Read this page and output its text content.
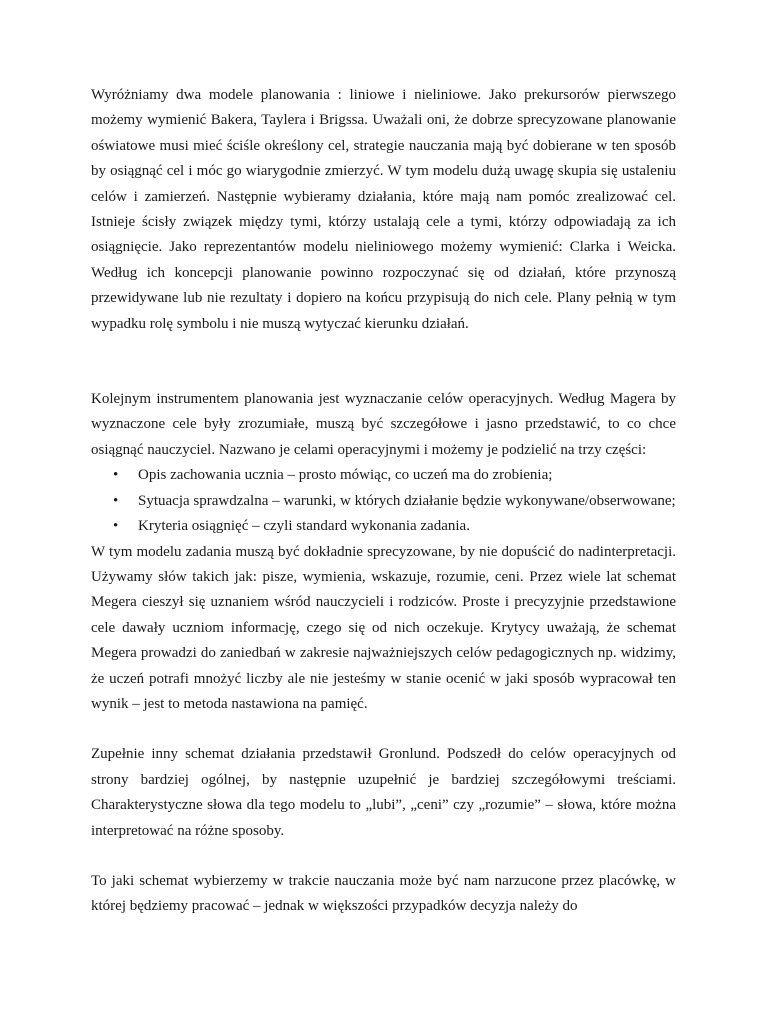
Wyróżniamy dwa modele planowania : liniowe i nieliniowe. Jako prekursorów pierwszego możemy wymienić Bakera, Taylera i Brigssa. Uważali oni, że dobrze sprecyzowane planowanie oświatowe musi mieć ściśle określony cel, strategie nauczania mają być dobierane w ten sposób by osiągnąć cel i móc go wiarygodnie zmierzyć. W tym modelu dużą uwagę skupia się ustaleniu celów i zamierzeń. Następnie wybieramy działania, które mają nam pomóc zrealizować cel. Istnieje ścisły związek między tymi, którzy ustalają cele a tymi, którzy odpowiadają za ich osiągnięcie. Jako reprezentantów modelu nieliniowego możemy wymienić: Clarka i Weicka. Według ich koncepcji planowanie powinno rozpoczynać się od działań, które przynoszą przewidywane lub nie rezultaty i dopiero na końcu przypisują do nich cele. Plany pełnią w tym wypadku rolę symbolu i nie muszą wytyczać kierunku działań.

Kolejnym instrumentem planowania jest wyznaczanie celów operacyjnych. Według Magera by wyznaczone cele były zrozumiałe, muszą być szczegółowe i jasno przedstawić, to co chce osiągnąć nauczyciel. Nazwano je celami operacyjnymi i możemy je podzielić na trzy części:

• Opis zachowania ucznia – prosto mówiąc, co uczeń ma do zrobienia;
• Sytuacja sprawdzalna – warunki, w których działanie będzie wykonywane/obserwowane;
• Kryteria osiągnięć – czyli standard wykonania zadania.

W tym modelu zadania muszą być dokładnie sprecyzowane, by nie dopuścić do nadinterpretacji. Używamy słów takich jak: pisze, wymienia, wskazuje, rozumie, ceni. Przez wiele lat schemat Megera cieszył się uznaniem wśród nauczycieli i rodziców. Proste i precyzyjnie przedstawione cele dawały uczniom informację, czego się od nich oczekuje. Krytycy uważają, że schemat Megera prowadzi do zaniedbań w zakresie najważniejszych celów pedagogicznych np. widzimy, że uczeń potrafi mnożyć liczby ale nie jesteśmy w stanie ocenić w jaki sposób wypracował ten wynik – jest to metoda nastawiona na pamięć.

Zupełnie inny schemat działania przedstawił Gronlund. Podszedł do celów operacyjnych od strony bardziej ogólnej, by następnie uzupełnić je bardziej szczegółowymi treściami. Charakterystyczne słowa dla tego modelu to „lubi”, „ceni” czy „rozumie” – słowa, które można interpretować na różne sposoby.

To jaki schemat wybierzemy w trakcie nauczania może być nam narzucone przez placówkę, w której będziemy pracować – jednak w większości przypadków decyzja należy do
